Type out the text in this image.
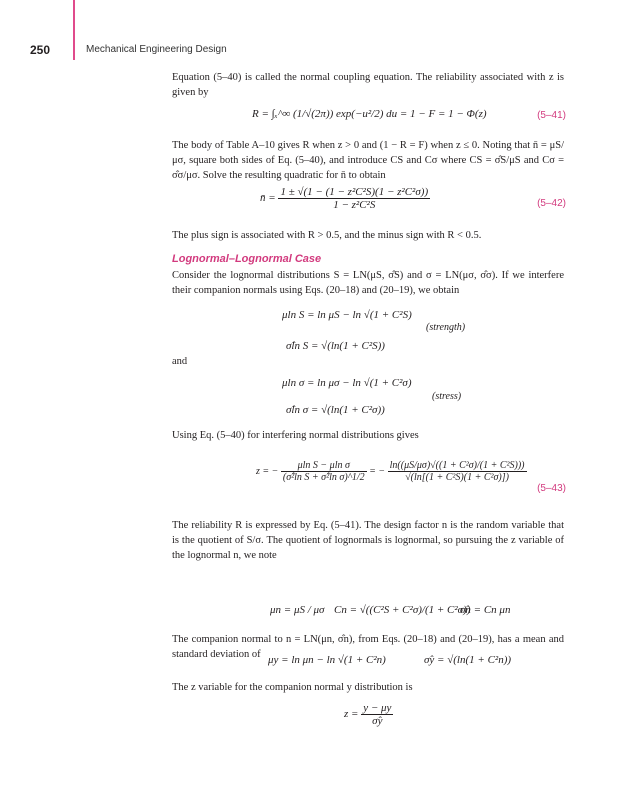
250	Mechanical Engineering Design
Equation (5–40) is called the normal coupling equation. The reliability associated with z is given by
R = ∫ₓ^∞ (1/√(2π)) exp(−u²/2) du = 1 − F = 1 − Φ(z)	(5–41)
The body of Table A–10 gives R when z > 0 and (1 − R = F) when z ≤ 0. Noting that n̄ = μS/μσ, square both sides of Eq. (5–40), and introduce CS and Cσ where CS = σ̂S/μS and Cσ = σ̂σ/μσ. Solve the resulting quadratic for n̄ to obtain
n̄ = $\frac{\text{1 ± √(1 − (1 − z²C²S)(1 − z²C²σ))}}{\text{1 − z²C²S}}$	(5–42)
The plus sign is associated with R > 0.5, and the minus sign with R < 0.5.
Lognormal–Lognormal Case
Consider the lognormal distributions S = LN(μS, σ̂S) and σ = LN(μσ, σ̂σ). If we interfere their companion normals using Eqs. (20–18) and (20–19), we obtain
μln S = ln μS − ln √(1 + C²S)
σ̂ln S = √(ln(1 + C²S))
(strength)
and
μln σ = ln μσ − ln √(1 + C²σ)
σ̂ln σ = √(ln(1 + C²σ))
(stress)
Using Eq. (5–40) for interfering normal distributions gives
z = − $\frac{\text{μln S − μln σ}}{\text{(σ̂²ln S + σ̂²ln σ)\textasciicircum{}1/2}}$ = − $\frac{\text{ln((μS/μσ)√((1 + C²σ)/(1 + C²S)))}}{\text{√(ln[(1 + C²S)(1 + C²σ)])}}$
(5–43)
The reliability R is expressed by Eq. (5–41). The design factor n is the random variable that is the quotient of S/σ. The quotient of lognormals is lognormal, so pursuing the z variable of the lognormal n, we note
μn = μS / μσ Cn = √((C²S + C²σ)/(1 + C²σ))
σ̂n = Cn μn
The companion normal to n = LN(μn, σ̂n), from Eqs. (20–18) and (20–19), has a mean and standard deviation of μy = ln μn − ln √(1 + C²n)	σ̂y = √(ln(1 + C²n))
The z variable for the companion normal y distribution is
$z = \frac{y - \mu y}{\sigmây}$
